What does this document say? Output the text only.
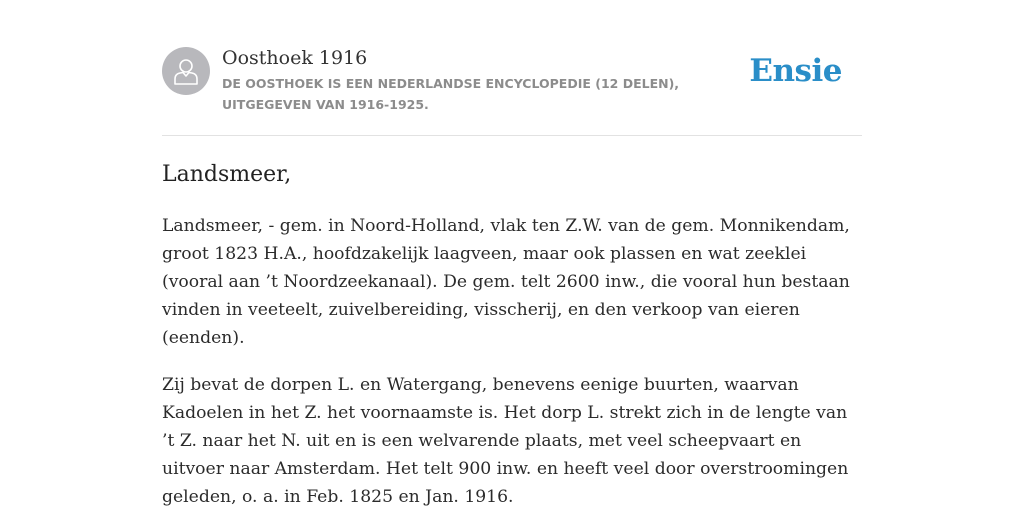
Oosthoek 1916
DE OOSTHOEK IS EEN NEDERLANDSE ENCYCLOPEDIE (12 DELEN), UITGEGEVEN VAN 1916-1925.
Ensie
Landsmeer,

Landsmeer, - gem. in Noord-Holland, vlak ten Z.W. van de gem. Monnikendam, groot 1823 H.A., hoofdzakelijk laagveen, maar ook plassen en wat zeeklei (vooral aan ’t Noordzeekanaal). De gem. telt 2600 inw., die vooral hun bestaan vinden in veeteelt, zuivelbereiding, visscherij, en den verkoop van eieren (eenden).

Zij bevat de dorpen L. en Watergang, benevens eenige buurten, waarvan Kadoelen in het Z. het voornaamste is. Het dorp L. strekt zich in de lengte van ’t Z. naar het N. uit en is een welvarende plaats, met veel scheepvaart en uitvoer naar Amsterdam. Het telt 900 inw. en heeft veel door overstroomingen geleden, o. a. in Feb. 1825 en Jan. 1916.
